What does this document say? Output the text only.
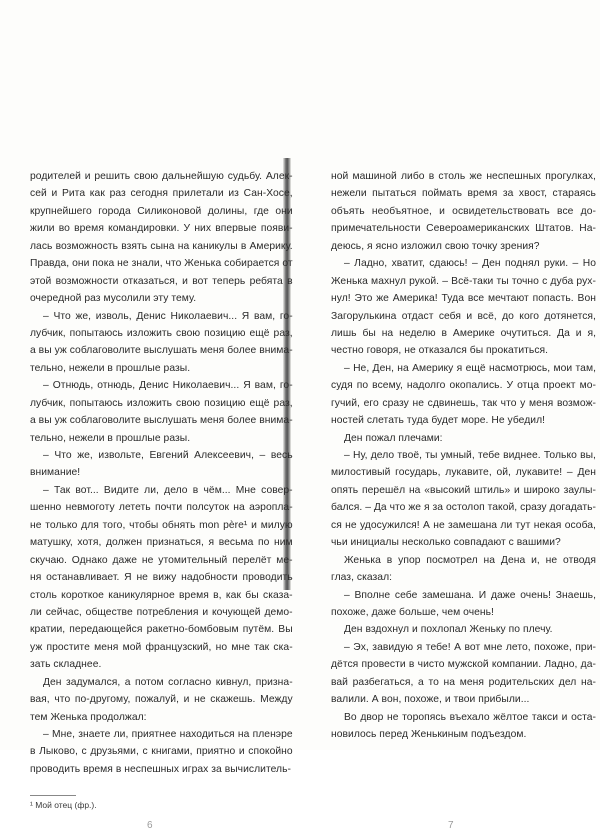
родителей и решить свою дальнейшую судьбу. Алек-
сей и Рита как раз сегодня прилетали из Сан-Хосе,
крупнейшего города Силиконовой долины, где они
жили во время командировки. У них впервые появи-
лась возможность взять сына на каникулы в Америку.
Правда, они пока не знали, что Женька собирается от
этой возможности отказаться, и вот теперь ребята в
очередной раз мусолили эту тему.
– Что же, изволь, Денис Николаевич... Я вам, го-
лубчик, попытаюсь изложить свою позицию ещё раз,
а вы уж соблаговолите выслушать меня более внима-
тельно, нежели в прошлые разы.
– Отнюдь, отнюдь, Денис Николаевич... Я вам, го-
лубчик, попытаюсь изложить свою позицию ещё раз,
а вы уж соблаговолите выслушать меня более внима-
тельно, нежели в прошлые разы.
– Что же, извольте, Евгений Алексеевич, – весь
внимание!
– Так вот... Видите ли, дело в чём... Мне совер-
шенно невмоготу лететь почти полсуток на аэропла-
не только для того, чтобы обнять mon père¹ и милую
матушку, хотя, должен признаться, я весьма по ним
скучаю. Однако даже не утомительный перелёт ме-
ня останавливает. Я не вижу надобности проводить
столь короткое каникулярное время в, как бы сказа-
ли сейчас, обществе потребления и кочующей демо-
кратии, передающейся ракетно-бомбовым путём. Вы
уж простите меня мой французский, но мне так ска-
зать складнее.
Ден задумался, а потом согласно кивнул, признa-
вая, что по-другому, пожалуй, и не скажешь. Между
тем Женька продолжал:
– Мне, знаете ли, приятнее находиться на пленэре
в Лыково, с друзьями, с книгами, приятно и спокойно
проводить время в неспешных играх за вычислитель-
¹ Мой отец (фр.).
6
ной машиной либо в столь же неспешных прогулках,
нежели пытаться поймать время за хвост, стараясь
объять необъятное, и освидетельствовать все до-
примечательности Североамериканских Штатов. На-
деюсь, я ясно изложил свою точку зрения?
– Ладно, хватит, сдаюсь! – Ден поднял руки. – Но
Женька махнул рукой. – Всё-таки ты точно с дуба рух-
нул! Это же Америка! Туда все мечтают попасть. Вон
Загорулькина отдаст себя и всё, до кого дотянется,
лишь бы на неделю в Америке очутиться. Да и я,
честно говоря, не отказался бы прокатиться.
– Не, Ден, на Америку я ещё насмотрюсь, мои там,
судя по всему, надолго окопались. У отца проект мо-
гучий, его сразу не сдвинешь, так что у меня возмож-
ностей слетать туда будет море. Не убедил!
Ден пожал плечами:
– Ну, дело твоё, ты умный, тебе виднее. Только вы,
милостивый государь, лукавите, ой, лукавите! – Ден
опять перешёл на «высокий штиль» и широко заулы-
бался. – Да что же я за остолоп такой, сразу догадать-
ся не удосужился! А не замешана ли тут некая особа,
чьи инициалы несколько совпадают с вашими?
Женька в упор посмотрел на Дена и, не отводя
глаз, сказал:
– Вполне себе замешана. И даже очень! Знаешь,
похоже, даже больше, чем очень!
Ден вздохнул и похлопал Женьку по плечу.
– Эх, завидую я тебе! А вот мне лето, похоже, при-
дётся провести в чисто мужской компании. Ладно, да-
вай разбегаться, а то на меня родительских дел на-
валили. А вон, похоже, и твои прибыли...
Во двор не торопясь въехало жёлтое такси и оста-
новилось перед Женькиным подъездом.
7
